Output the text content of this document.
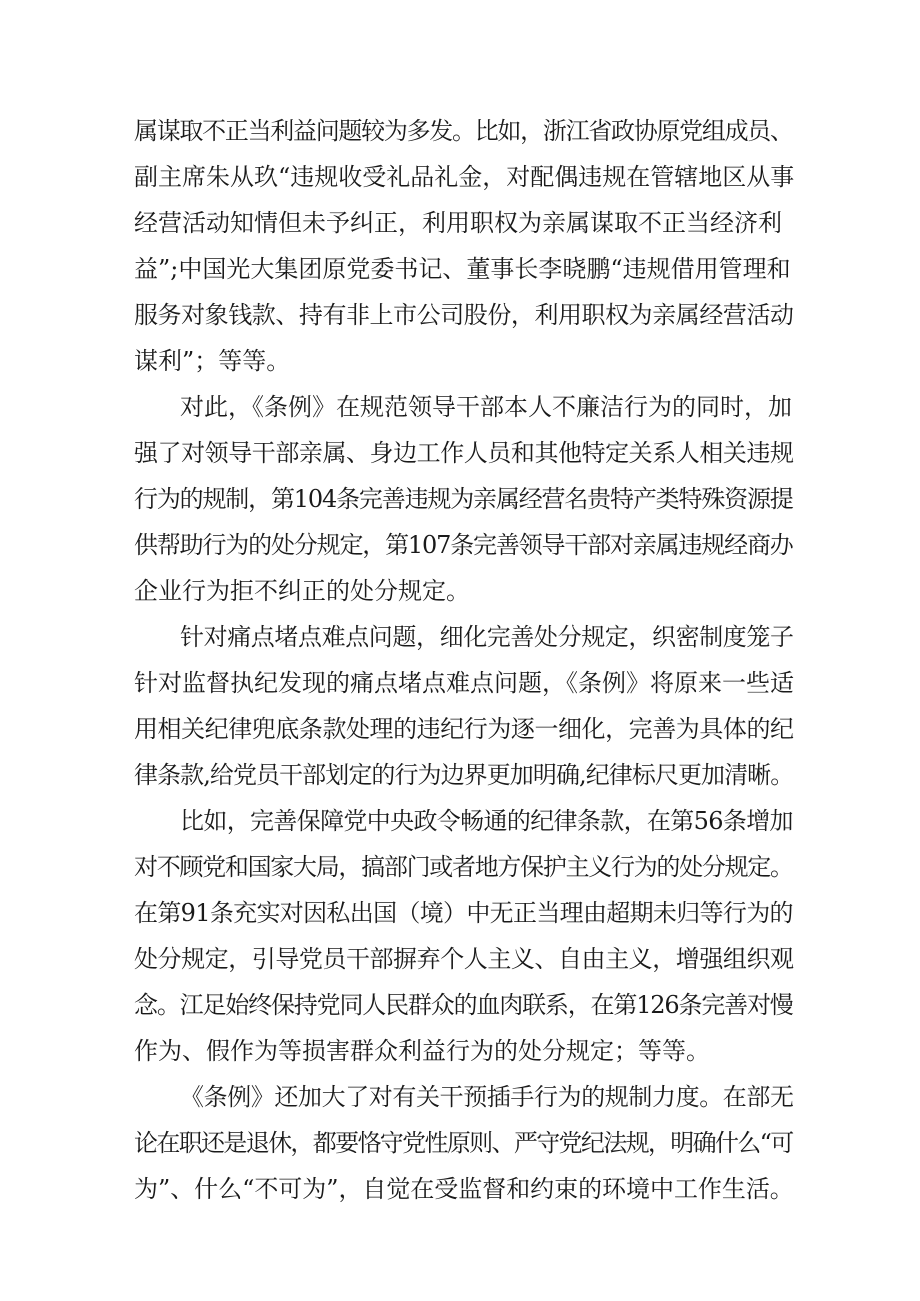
属谋取不正当利益问题较为多发。比如，浙江省政协原党组成员、
副主席朱从玖“违规收受礼品礼金，对配偶违规在管辖地区从事
经营活动知情但未予纠正，利用职权为亲属谋取不正当经济利
益”;中国光大集团原党委书记、董事长李晓鹏“违规借用管理和
服务对象钱款、持有非上市公司股份，利用职权为亲属经营活动
谋利”；等等。
对此，《条例》在规范领导干部本人不廉洁行为的同时，加
强了对领导干部亲属、身边工作人员和其他特定关系人相关违规
行为的规制，第104条完善违规为亲属经营名贵特产类特殊资源提
供帮助行为的处分规定，第107条完善领导干部对亲属违规经商办
企业行为拒不纠正的处分规定。
针对痛点堵点难点问题，细化完善处分规定，织密制度笼子
针对监督执纪发现的痛点堵点难点问题，《条例》将原来一些适
用相关纪律兜底条款处理的违纪行为逐一细化，完善为具体的纪
律条款,给党员干部划定的行为边界更加明确,纪律标尺更加清晰。
比如，完善保障党中央政令畅通的纪律条款，在第56条增加
对不顾党和国家大局，搞部门或者地方保护主义行为的处分规定。
在第91条充实对因私出国（境）中无正当理由超期未归等行为的
处分规定，引导党员干部摒弃个人主义、自由主义，增强组织观
念。江足始终保持党同人民群众的血肉联系，在第126条完善对慢
作为、假作为等损害群众利益行为的处分规定；等等。
《条例》还加大了对有关干预插手行为的规制力度。在部无
论在职还是退休，都要恪守党性原则、严守党纪法规，明确什么“可
为”、什么“不可为”，自觉在受监督和约束的环境中工作生活。
